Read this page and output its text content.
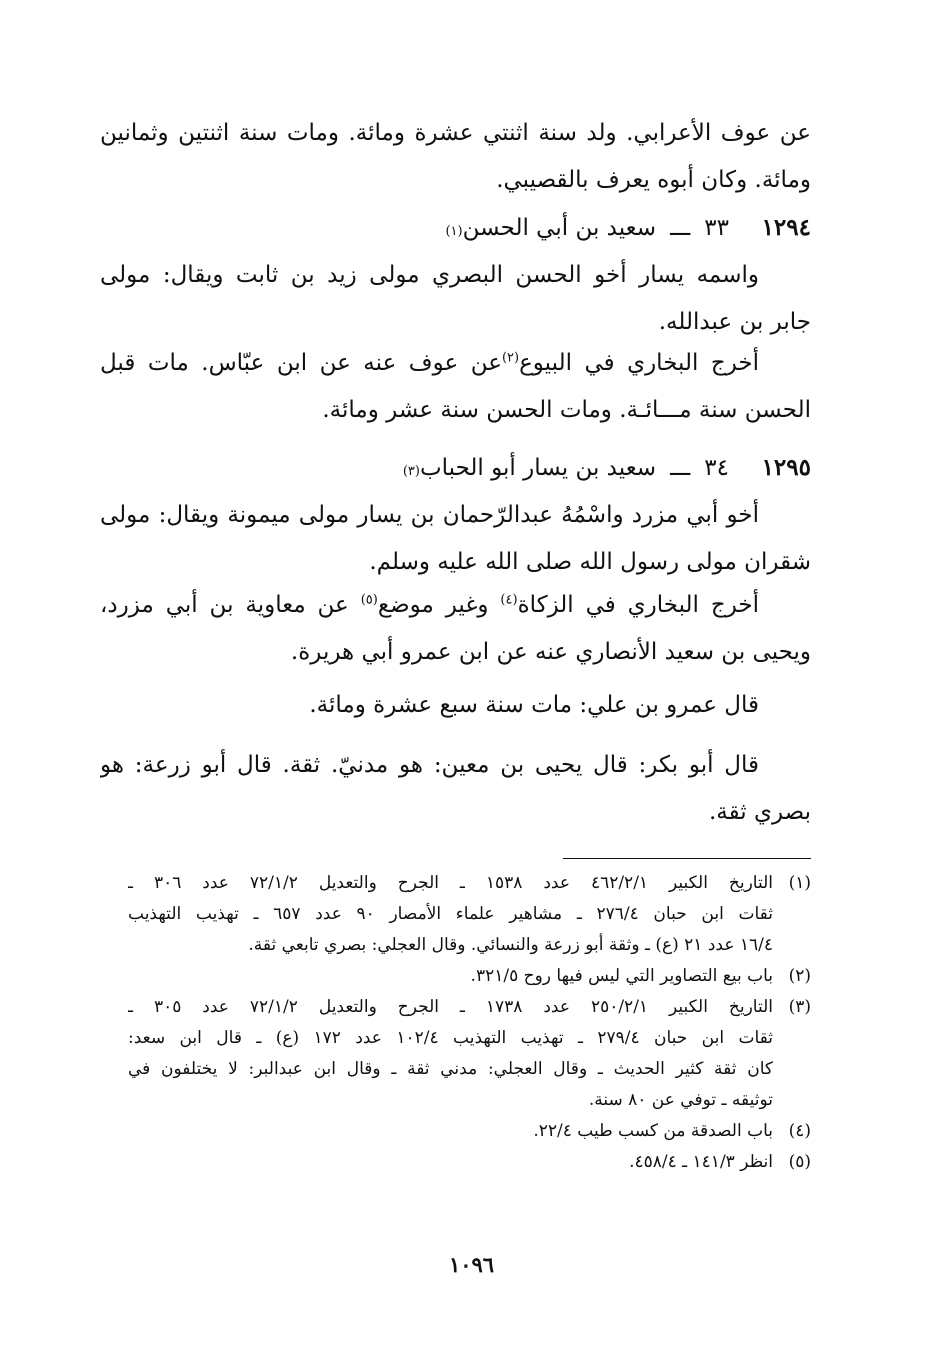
عن عوف الأعرابي. ولد سنة اثنتي عشرة ومائة. ومات سنة اثنتين وثمانين
ومائة. وكان أبوه يعرف بالقصيبي.
١٢٩٤
٣٣
ـــ
سعيد بن أبي الحسن
(١)
واسمه يسار أخو الحسن البصري مولى زيد بن ثابت ويقال: مولى
جابر بن عبدالله.
أخرج البخاري في البيوع$^{(٢)}$عن عوف عنه عن ابن عبّاس. مات قبل
الحسن سنة مـــائـة. ومات الحسن سنة عشر ومائة.
١٢٩٥
٣٤
ـــ
سعيد بن يسار أبو الحباب
(٣)
أخو أبي مزرد واسْمُهُ عبدالرّحمان بن يسار مولى ميمونة ويقال: مولى
شقران مولى رسول الله صلى الله عليه وسلم.
أخرج البخاري في الزكاة$^{(٤)}$ وغير موضع$^{(٥)}$ عن معاوية بن أبي مزرد،
ويحيى بن سعيد الأنصاري عنه عن ابن عمرو أبي هريرة.
قال عمرو بن علي: مات سنة سبع عشرة ومائة.
قال أبو بكر: قال يحيى بن معين: هو مدنيّ. ثقة. قال أبو زرعة: هو
بصري ثقة.
(١)
التاريخ الكبير ٤٦٢/٢/١ عدد ١٥٣٨ ـ الجرح والتعديل ٧٢/١/٢ عدد ٣٠٦ ـ
ثقات ابن حبان ٢٧٦/٤ ـ مشاهير علماء الأمصار ٩٠ عدد ٦٥٧ ـ تهذيب التهذيب
١٦/٤ عدد ٢١ (ع) ـ وثقة أبو زرعة والنسائي. وقال العجلي: بصري تابعي ثقة.
(٢)
باب بيع التصاوير التي ليس فيها روح ٣٢١/٥.
(٣)
التاريخ الكبير ٢٥٠/٢/١ عدد ١٧٣٨ ـ الجرح والتعديل ٧٢/١/٢ عدد ٣٠٥ ـ
ثقات ابن حبان ٢٧٩/٤ ـ تهذيب التهذيب ١٠٢/٤ عدد ١٧٢ (ع) ـ قال ابن سعد:
كان ثقة كثير الحديث ـ وقال العجلي: مدني ثقة ـ وقال ابن عبدالبر: لا يختلفون في
توثيقه ـ توفي عن ٨٠ سنة.
(٤)
باب الصدقة من كسب طيب ٢٢/٤.
(٥)
انظر ١٤١/٣ ـ ٤٥٨/٤.
١٠٩٦
